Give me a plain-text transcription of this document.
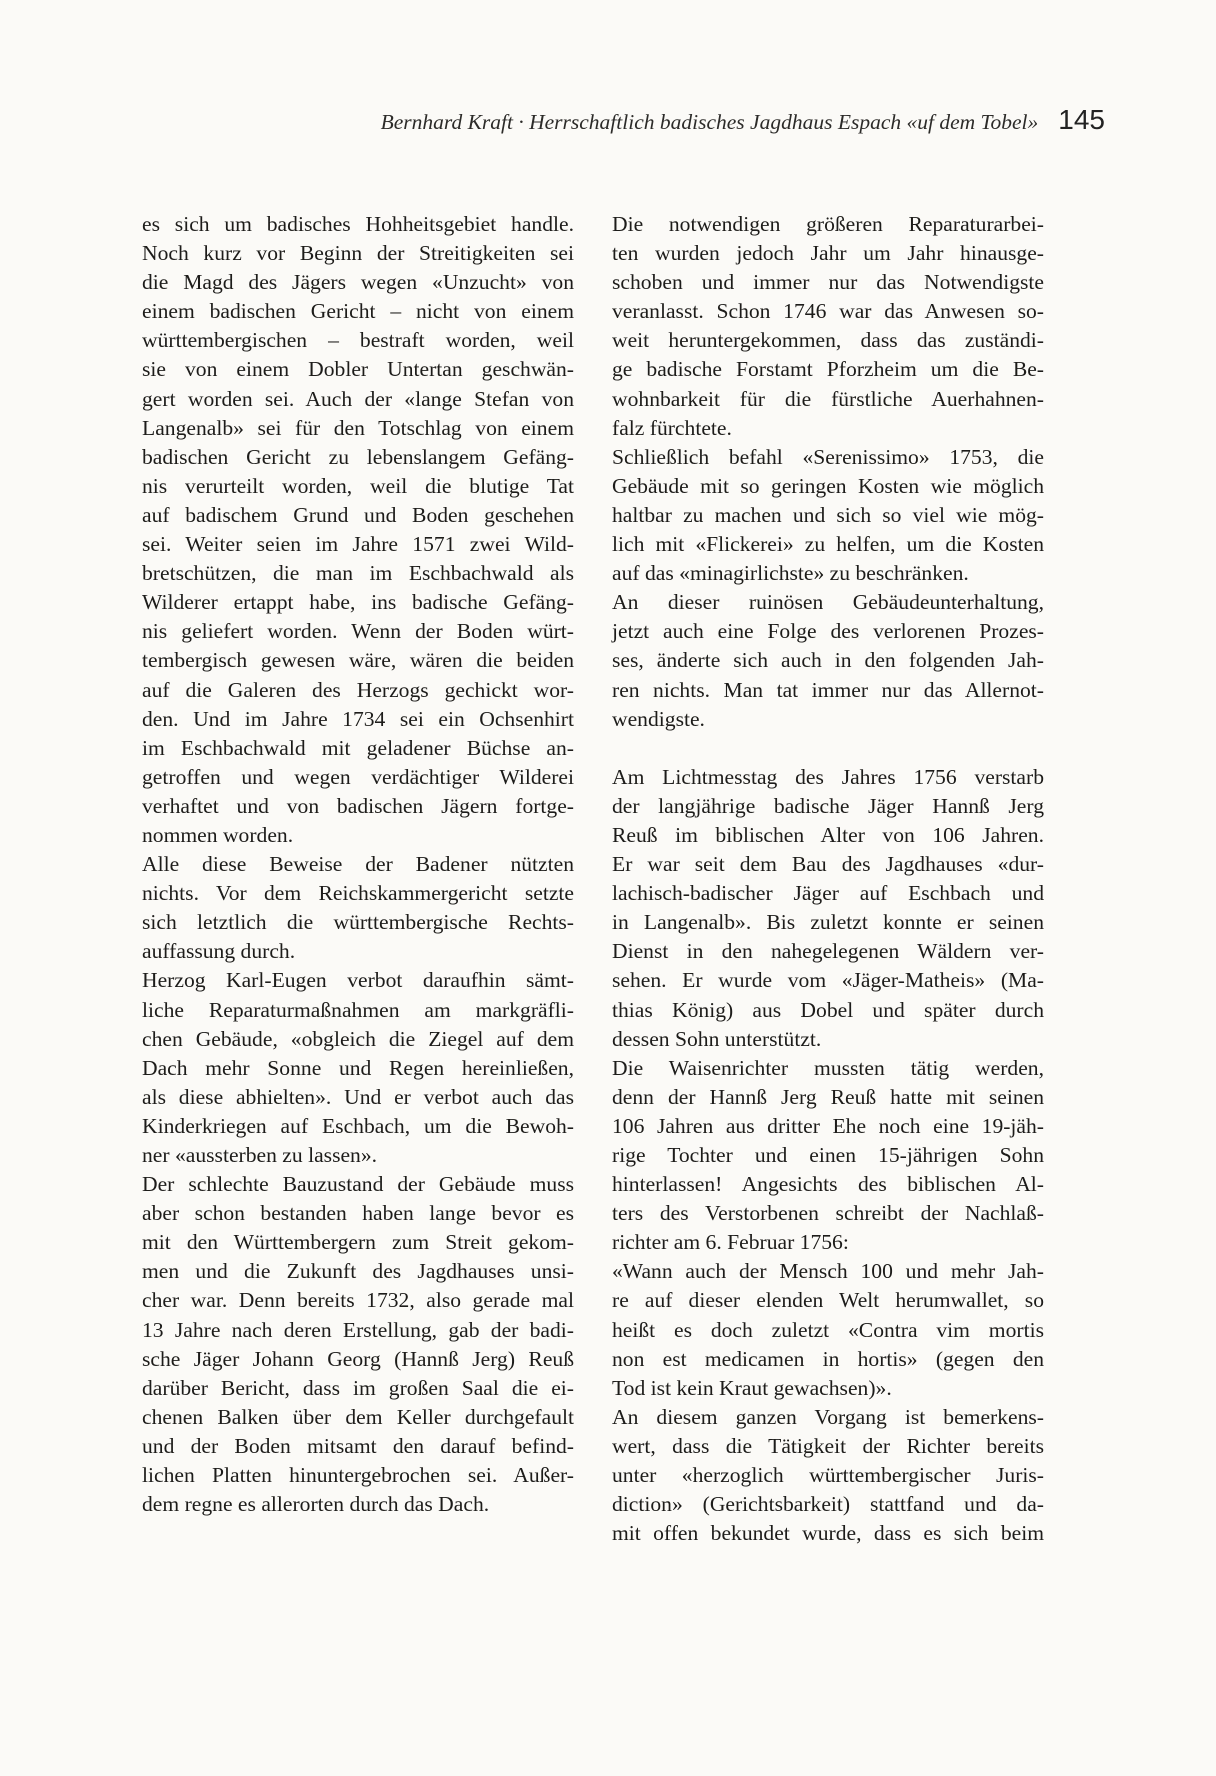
Bernhard Kraft · Herrschaftlich badisches Jagdhaus Espach «uf dem Tobel» 145
es sich um badisches Hohheitsgebiet handle.
Noch kurz vor Beginn der Streitigkeiten sei
die Magd des Jägers wegen «Unzucht» von
einem badischen Gericht – nicht von einem
württembergischen – bestraft worden, weil
sie von einem Dobler Untertan geschwän-
gert worden sei. Auch der «lange Stefan von
Langenalb» sei für den Totschlag von einem
badischen Gericht zu lebenslangem Gefäng-
nis verurteilt worden, weil die blutige Tat
auf badischem Grund und Boden geschehen
sei. Weiter seien im Jahre 1571 zwei Wild-
bretschützen, die man im Eschbachwald als
Wilderer ertappt habe, ins badische Gefäng-
nis geliefert worden. Wenn der Boden würt-
tembergisch gewesen wäre, wären die beiden
auf die Galeren des Herzogs gechickt wor-
den. Und im Jahre 1734 sei ein Ochsenhirt
im Eschbachwald mit geladener Büchse an-
getroffen und wegen verdächtiger Wilderei
verhaftet und von badischen Jägern fortge-
nommen worden.
Alle diese Beweise der Badener nützten
nichts. Vor dem Reichskammergericht setzte
sich letztlich die württembergische Rechts-
auffassung durch.
Herzog Karl-Eugen verbot daraufhin sämt-
liche Reparaturmaßnahmen am markgräfli-
chen Gebäude, «obgleich die Ziegel auf dem
Dach mehr Sonne und Regen hereinließen,
als diese abhielten». Und er verbot auch das
Kinderkriegen auf Eschbach, um die Bewoh-
ner «aussterben zu lassen».
Der schlechte Bauzustand der Gebäude muss
aber schon bestanden haben lange bevor es
mit den Württembergern zum Streit gekom-
men und die Zukunft des Jagdhauses unsi-
cher war. Denn bereits 1732, also gerade mal
13 Jahre nach deren Erstellung, gab der badi-
sche Jäger Johann Georg (Hannß Jerg) Reuß
darüber Bericht, dass im großen Saal die ei-
chenen Balken über dem Keller durchgefault
und der Boden mitsamt den darauf befind-
lichen Platten hinuntergebrochen sei. Außer-
dem regne es allerorten durch das Dach.
Die notwendigen größeren Reparaturarbei-
ten wurden jedoch Jahr um Jahr hinausge-
schoben und immer nur das Notwendigste
veranlasst. Schon 1746 war das Anwesen so-
weit heruntergekommen, dass das zuständi-
ge badische Forstamt Pforzheim um die Be-
wohnbarkeit für die fürstliche Auerhahnen-
falz fürchtete.
Schließlich befahl «Serenissimo» 1753, die
Gebäude mit so geringen Kosten wie möglich
haltbar zu machen und sich so viel wie mög-
lich mit «Flickerei» zu helfen, um die Kosten
auf das «minagirlichste» zu beschränken.
An dieser ruinösen Gebäudeunterhaltung,
jetzt auch eine Folge des verlorenen Prozes-
ses, änderte sich auch in den folgenden Jah-
ren nichts. Man tat immer nur das Allernot-
wendigste.
Am Lichtmesstag des Jahres 1756 verstarb
der langjährige badische Jäger Hannß Jerg
Reuß im biblischen Alter von 106 Jahren.
Er war seit dem Bau des Jagdhauses «dur-
lachisch-badischer Jäger auf Eschbach und
in Langenalb». Bis zuletzt konnte er seinen
Dienst in den nahegelegenen Wäldern ver-
sehen. Er wurde vom «Jäger-Matheis» (Ma-
thias König) aus Dobel und später durch
dessen Sohn unterstützt.
Die Waisenrichter mussten tätig werden,
denn der Hannß Jerg Reuß hatte mit seinen
106 Jahren aus dritter Ehe noch eine 19-jäh-
rige Tochter und einen 15-jährigen Sohn
hinterlassen! Angesichts des biblischen Al-
ters des Verstorbenen schreibt der Nachlaß-
richter am 6. Februar 1756:
«Wann auch der Mensch 100 und mehr Jah-
re auf dieser elenden Welt herumwallet, so
heißt es doch zuletzt «Contra vim mortis
non est medicamen in hortis» (gegen den
Tod ist kein Kraut gewachsen)».
An diesem ganzen Vorgang ist bemerkens-
wert, dass die Tätigkeit der Richter bereits
unter «herzoglich württembergischer Juris-
diction» (Gerichtsbarkeit) stattfand und da-
mit offen bekundet wurde, dass es sich beim
